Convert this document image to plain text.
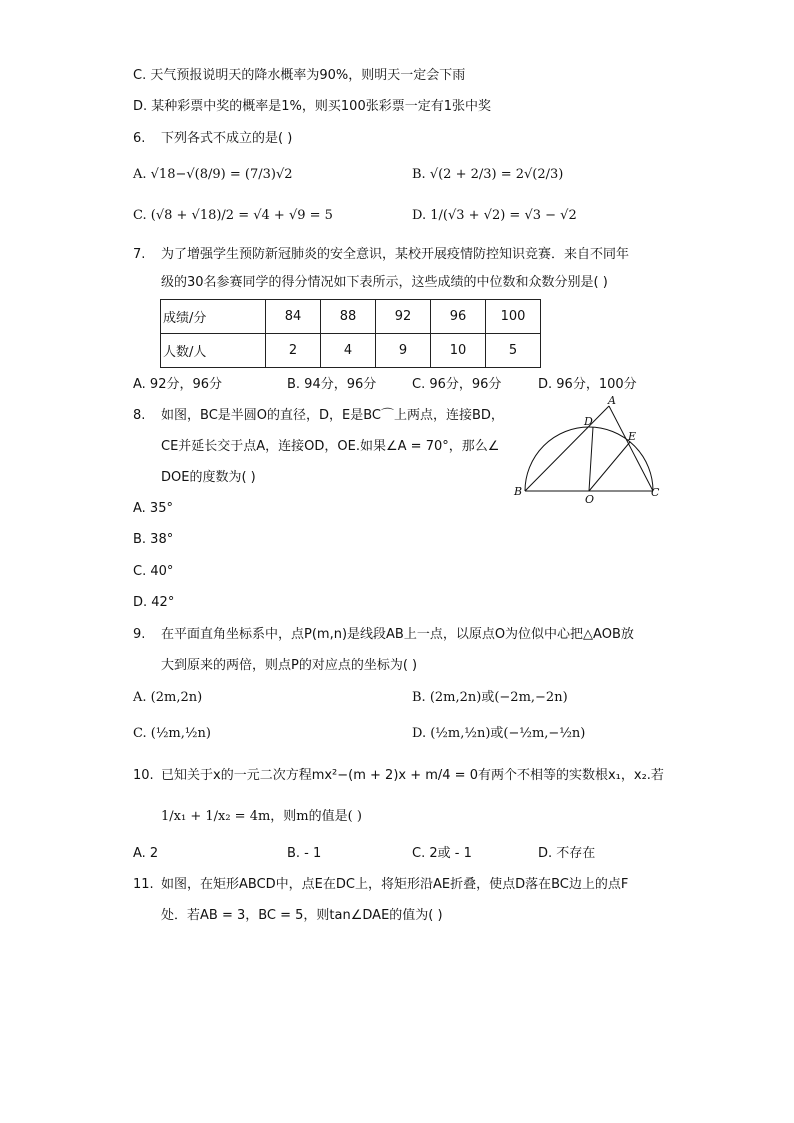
C. 天气预报说明天的降水概率为90%，则明天一定会下雨
D. 某种彩票中奖的概率是1%，则买100张彩票一定有1张中奖
6. 下列各式不成立的是( )
A. √18−√(8/9) = (7/3)√2	B. √(2 + 2/3) = 2√(2/3)
C. (√8 + √18)/2 = √4 + √9 = 5	D. 1/(√3 + √2) = √3 − √2
7. 为了增强学生预防新冠肺炎的安全意识，某校开展疫情防控知识竞赛．来自不同年
级的30名参赛同学的得分情况如下表所示，这些成绩的中位数和众数分别是( )
成绩/分	84	88	92	96	100
人数/人	2	4	9	10	5
A. 92分，96分	B. 94分，96分	C. 96分，96分	D. 96分，100分
8. 如图，BC是半圆O的直径，D，E是BC⌒上两点，连接BD，
CE并延长交于点A，连接OD，OE.如果∠A = 70°，那么∠
DOE的度数为( )
A
D
E
B
O
C
A. 35°
B. 38°
C. 40°
D. 42°
9. 在平面直角坐标系中，点P(m,n)是线段AB上一点，以原点O为位似中心把△AOB放
大到原来的两倍，则点P的对应点的坐标为( )
A. (2m,2n)	B. (2m,2n)或(−2m,−2n)
C. (½m,½n)	D. (½m,½n)或(−½m,−½n)
10. 已知关于x的一元二次方程mx²−(m + 2)x + m/4 = 0有两个不相等的实数根x₁，x₂.若
1/x₁ + 1/x₂ = 4m，则m的值是( )
A. 2	B. - 1	C. 2或 - 1	D. 不存在
11. 如图，在矩形ABCD中，点E在DC上，将矩形沿AE折叠，使点D落在BC边上的点F
处．若AB = 3，BC = 5，则tan∠DAE的值为( )
